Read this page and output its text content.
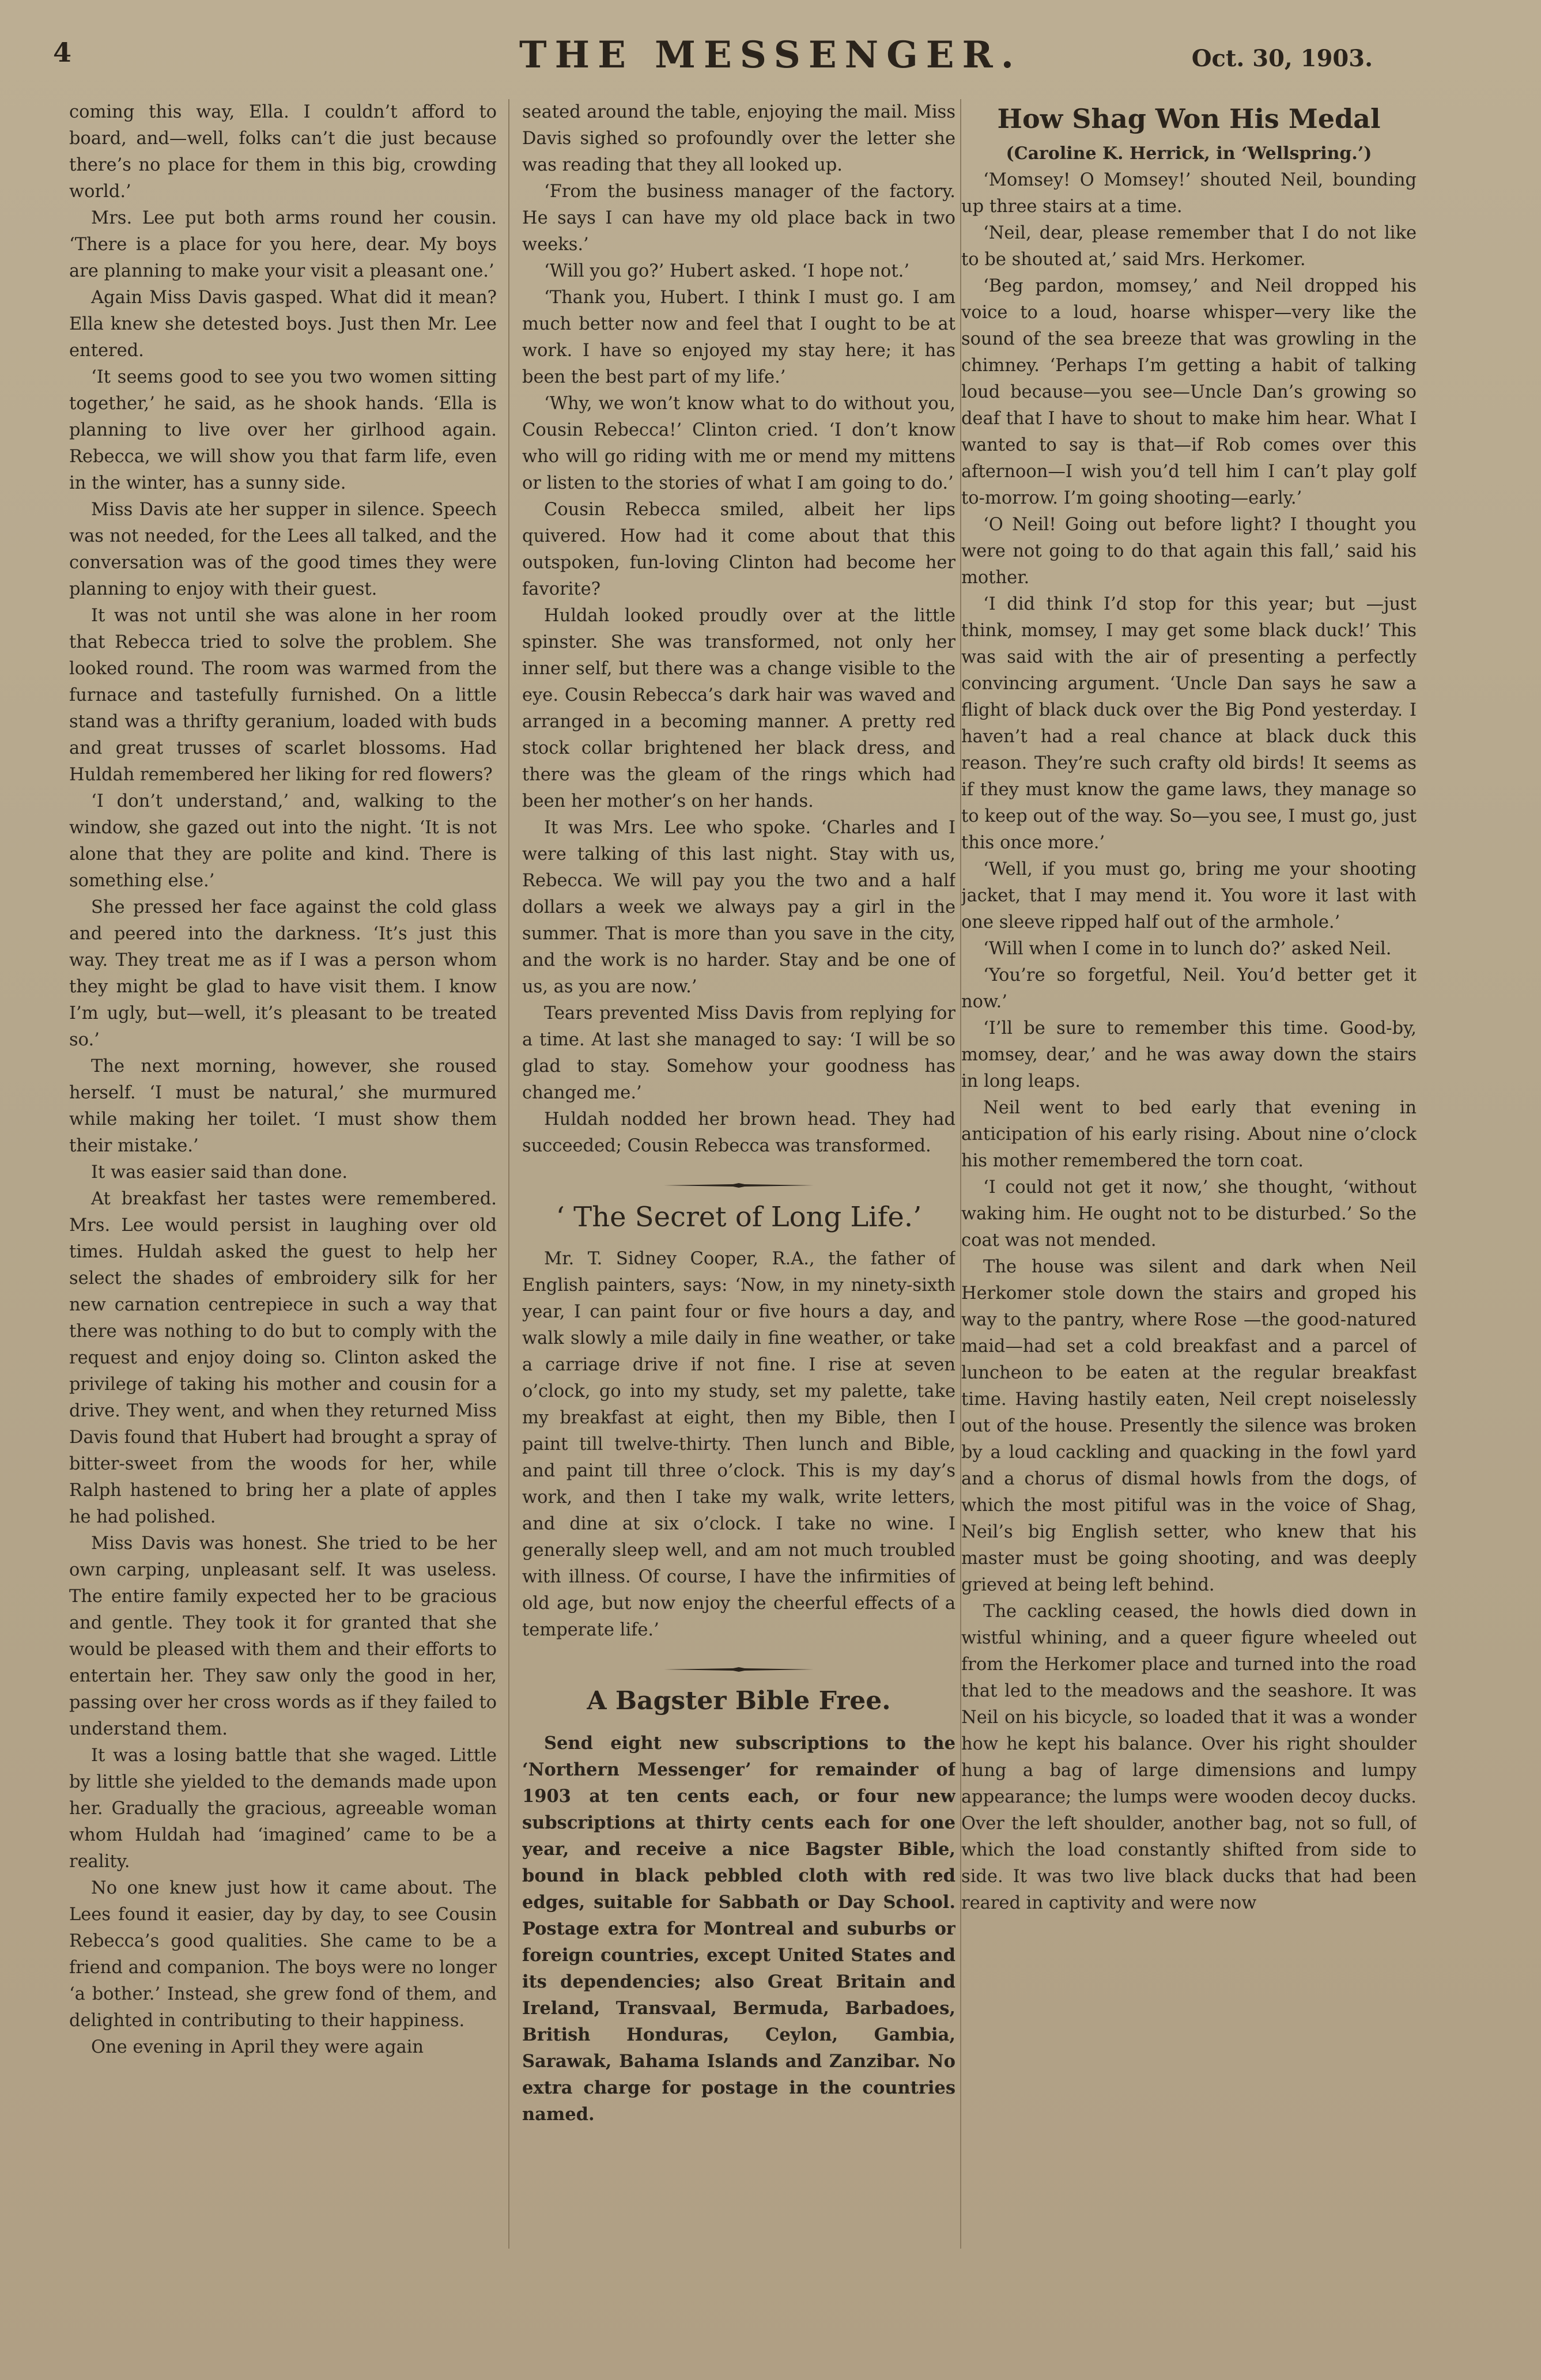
4	THE MESSENGER.	Oct. 30, 1903.

coming this way, Ella. I couldn’t afford to board, and—well, folks can’t die just because there’s no place for them in this big, crowding world.’

Mrs. Lee put both arms round her cousin. ‘There is a place for you here, dear. My boys are planning to make your visit a pleasant one.’

Again Miss Davis gasped. What did it mean? Ella knew she detested boys. Just then Mr. Lee entered.

‘It seems good to see you two women sitting together,’ he said, as he shook hands. ‘Ella is planning to live over her girlhood again. Rebecca, we will show you that farm life, even in the winter, has a sunny side.

Miss Davis ate her supper in silence. Speech was not needed, for the Lees all talked, and the conversation was of the good times they were planning to enjoy with their guest.

It was not until she was alone in her room that Rebecca tried to solve the problem. She looked round. The room was warmed from the furnace and tastefully furnished. On a little stand was a thrifty geranium, loaded with buds and great trusses of scarlet blossoms. Had Huldah remembered her liking for red flowers?

‘I don’t understand,’ and, walking to the window, she gazed out into the night. ‘It is not alone that they are polite and kind. There is something else.’

She pressed her face against the cold glass and peered into the darkness. ‘It’s just this way. They treat me as if I was a person whom they might be glad to have visit them. I know I’m ugly, but—well, it’s pleasant to be treated so.’

The next morning, however, she roused herself. ‘I must be natural,’ she murmured while making her toilet. ‘I must show them their mistake.’

It was easier said than done.

At breakfast her tastes were remembered. Mrs. Lee would persist in laughing over old times. Huldah asked the guest to help her select the shades of embroidery silk for her new carnation centrepiece in such a way that there was nothing to do but to comply with the request and enjoy doing so. Clinton asked the privilege of taking his mother and cousin for a drive. They went, and when they returned Miss Davis found that Hubert had brought a spray of bitter-sweet from the woods for her, while Ralph hastened to bring her a plate of apples he had polished.

Miss Davis was honest. She tried to be her own carping, unpleasant self. It was useless. The entire family expected her to be gracious and gentle. They took it for granted that she would be pleased with them and their efforts to entertain her. They saw only the good in her, passing over her cross words as if they failed to understand them.

It was a losing battle that she waged. Little by little she yielded to the demands made upon her. Gradually the gracious, agreeable woman whom Huldah had ‘imagined’ came to be a reality.

No one knew just how it came about. The Lees found it easier, day by day, to see Cousin Rebecca’s good qualities. She came to be a friend and companion. The boys were no longer ‘a bother.’ Instead, she grew fond of them, and delighted in contributing to their happiness.

One evening in April they were again

seated around the table, enjoying the mail. Miss Davis sighed so profoundly over the letter she was reading that they all looked up.

‘From the business manager of the factory. He says I can have my old place back in two weeks.’

‘Will you go?’ Hubert asked. ‘I hope not.’

‘Thank you, Hubert. I think I must go. I am much better now and feel that I ought to be at work. I have so enjoyed my stay here; it has been the best part of my life.’

‘Why, we won’t know what to do without you, Cousin Rebecca!’ Clinton cried. ‘I don’t know who will go riding with me or mend my mittens or listen to the stories of what I am going to do.’

Cousin Rebecca smiled, albeit her lips quivered. How had it come about that this outspoken, fun-loving Clinton had become her favorite?

Huldah looked proudly over at the little spinster. She was transformed, not only her inner self, but there was a change visible to the eye. Cousin Rebecca’s dark hair was waved and arranged in a becoming manner. A pretty red stock collar brightened her black dress, and there was the gleam of the rings which had been her mother’s on her hands.

It was Mrs. Lee who spoke. ‘Charles and I were talking of this last night. Stay with us, Rebecca. We will pay you the two and a half dollars a week we always pay a girl in the summer. That is more than you save in the city, and the work is no harder. Stay and be one of us, as you are now.’

Tears prevented Miss Davis from replying for a time. At last she managed to say: ‘I will be so glad to stay. Somehow your goodness has changed me.’

Huldah nodded her brown head. They had succeeded; Cousin Rebecca was transformed.

‘ The Secret of Long Life.’

Mr. T. Sidney Cooper, R.A., the father of English painters, says: ‘Now, in my ninety-sixth year, I can paint four or five hours a day, and walk slowly a mile daily in fine weather, or take a carriage drive if not fine. I rise at seven o’clock, go into my study, set my palette, take my breakfast at eight, then my Bible, then I paint till twelve-thirty. Then lunch and Bible, and paint till three o’clock. This is my day’s work, and then I take my walk, write letters, and dine at six o’clock. I take no wine. I generally sleep well, and am not much troubled with illness. Of course, I have the infirmities of old age, but now enjoy the cheerful effects of a temperate life.’

A Bagster Bible Free.

Send eight new subscriptions to the ‘Northern Messenger’ for remainder of 1903 at ten cents each, or four new subscriptions at thirty cents each for one year, and receive a nice Bagster Bible, bound in black pebbled cloth with red edges, suitable for Sabbath or Day School. Postage extra for Montreal and suburbs or foreign countries, except United States and its dependencies; also Great Britain and Ireland, Transvaal, Bermuda, Barbadoes, British Honduras, Ceylon, Gambia, Sarawak, Bahama Islands and Zanzibar. No extra charge for postage in the countries named.

How Shag Won His Medal

(Caroline K. Herrick, in ‘Wellspring.’)

‘Momsey! O Momsey!’ shouted Neil, bounding up three stairs at a time.

‘Neil, dear, please remember that I do not like to be shouted at,’ said Mrs. Herkomer.

‘Beg pardon, momsey,’ and Neil dropped his voice to a loud, hoarse whisper—very like the sound of the sea breeze that was growling in the chimney. ‘Perhaps I’m getting a habit of talking loud because—you see—Uncle Dan’s growing so deaf that I have to shout to make him hear. What I wanted to say is that—if Rob comes over this afternoon—I wish you’d tell him I can’t play golf to-morrow. I’m going shooting—early.’

‘O Neil! Going out before light? I thought you were not going to do that again this fall,’ said his mother.

‘I did think I’d stop for this year; but —just think, momsey, I may get some black duck!’ This was said with the air of presenting a perfectly convincing argument. ‘Uncle Dan says he saw a flight of black duck over the Big Pond yesterday. I haven’t had a real chance at black duck this reason. They’re such crafty old birds! It seems as if they must know the game laws, they manage so to keep out of the way. So—you see, I must go, just this once more.’

‘Well, if you must go, bring me your shooting jacket, that I may mend it. You wore it last with one sleeve ripped half out of the armhole.’

‘Will when I come in to lunch do?’ asked Neil.

‘You’re so forgetful, Neil. You’d better get it now.’

‘I’ll be sure to remember this time. Good-by, momsey, dear,’ and he was away down the stairs in long leaps.

Neil went to bed early that evening in anticipation of his early rising. About nine o’clock his mother remembered the torn coat.

‘I could not get it now,’ she thought, ‘without waking him. He ought not to be disturbed.’ So the coat was not mended.

The house was silent and dark when Neil Herkomer stole down the stairs and groped his way to the pantry, where Rose —the good-natured maid—had set a cold breakfast and a parcel of luncheon to be eaten at the regular breakfast time. Having hastily eaten, Neil crept noiselessly out of the house. Presently the silence was broken by a loud cackling and quacking in the fowl yard and a chorus of dismal howls from the dogs, of which the most pitiful was in the voice of Shag, Neil’s big English setter, who knew that his master must be going shooting, and was deeply grieved at being left behind.

The cackling ceased, the howls died down in wistful whining, and a queer figure wheeled out from the Herkomer place and turned into the road that led to the meadows and the seashore. It was Neil on his bicycle, so loaded that it was a wonder how he kept his balance. Over his right shoulder hung a bag of large dimensions and lumpy appearance; the lumps were wooden decoy ducks. Over the left shoulder, another bag, not so full, of which the load constantly shifted from side to side. It was two live black ducks that had been reared in captivity and were now
